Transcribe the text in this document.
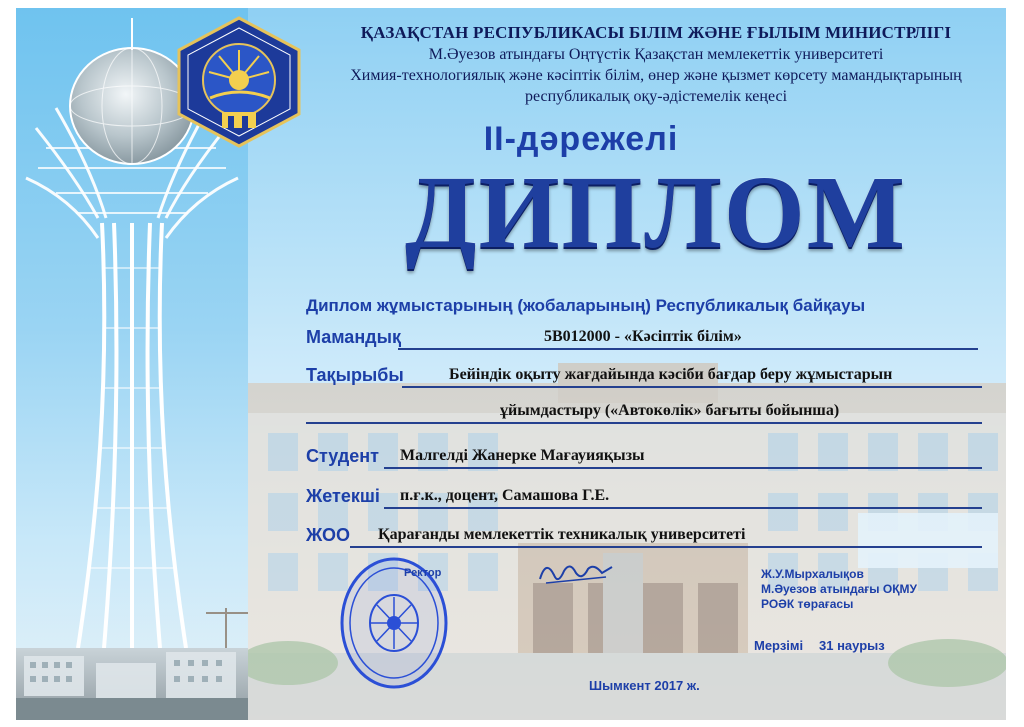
ҚАЗАҚСТАН РЕСПУБЛИКАСЫ БІЛІМ ЖӘНЕ ҒЫЛЫМ МИНИСТРЛІГІ
М.Әуезов атындағы Оңтүстік Қазақстан мемлекеттік университеті
Химия-технологиялық және кәсіптік білім, өнер және қызмет көрсету мамандықтарының
республикалық оқу-әдістемелік кеңесі
II-дәрежелі
ДИПЛОМ
Диплом жұмыстарының (жобаларының) Республикалық байқауы
Мамандық	5В012000 - «Кәсіптік білім»
Тақырыбы	Бейіндік оқыту жағдайында кәсіби бағдар беру жұмыстарын
ұйымдастыру («Автокөлік» бағыты бойынша)
Студент Малгелді Жанерке Мағауияқызы
Жетекші п.ғ.к., доцент, Самашова Г.Е.
ЖОО Қарағанды мемлекеттік техникалық университеті
Ректор	Ж.У.Мырхалықов
М.Әуезов атындағы ОҚМУ
РОӘК төрағасы
Мерзімі 31 наурыз
Шымкент 2017 ж.
